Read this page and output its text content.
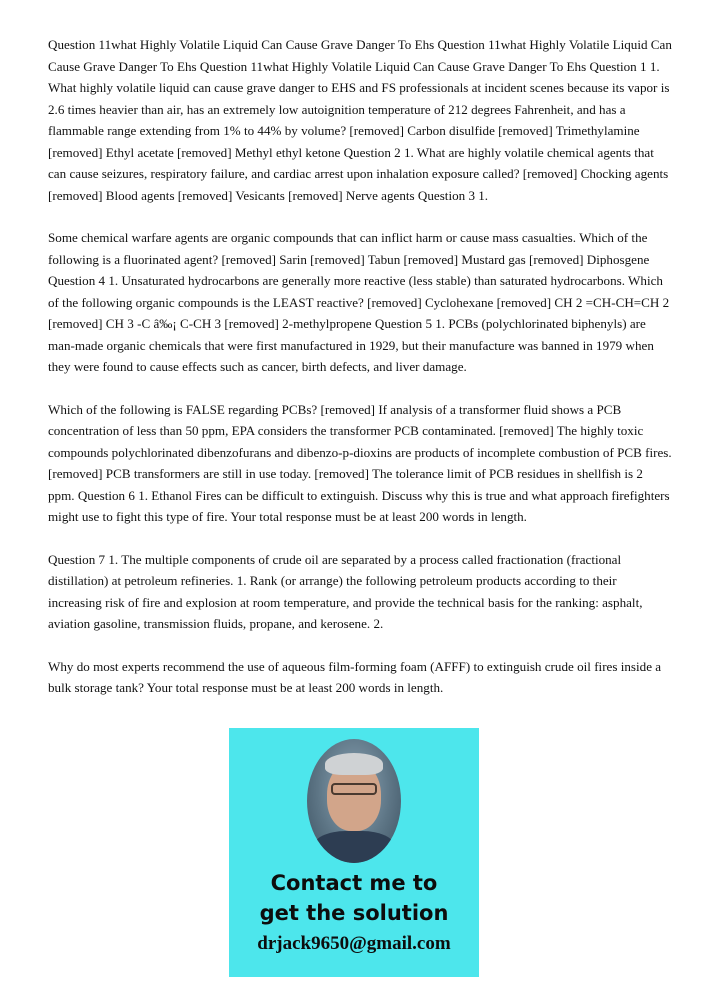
Question 11what Highly Volatile Liquid Can Cause Grave Danger To Ehs Question 11what Highly Volatile Liquid Can Cause Grave Danger To Ehs Question 11what Highly Volatile Liquid Can Cause Grave Danger To Ehs Question 1 1. What highly volatile liquid can cause grave danger to EHS and FS professionals at incident scenes because its vapor is 2.6 times heavier than air, has an extremely low autoignition temperature of 212 degrees Fahrenheit, and has a flammable range extending from 1% to 44% by volume? [removed] Carbon disulfide [removed] Trimethylamine [removed] Ethyl acetate [removed] Methyl ethyl ketone Question 2 1. What are highly volatile chemical agents that can cause seizures, respiratory failure, and cardiac arrest upon inhalation exposure called? [removed] Chocking agents [removed] Blood agents [removed] Vesicants [removed] Nerve agents Question 3 1.

Some chemical warfare agents are organic compounds that can inflict harm or cause mass casualties. Which of the following is a fluorinated agent? [removed] Sarin [removed] Tabun [removed] Mustard gas [removed] Diphosgene Question 4 1. Unsaturated hydrocarbons are generally more reactive (less stable) than saturated hydrocarbons. Which of the following organic compounds is the LEAST reactive? [removed] Cyclohexane [removed] CH 2 =CH-CH=CH 2 [removed] CH 3 -C â‰¡ C-CH 3 [removed] 2-methylpropene Question 5 1. PCBs (polychlorinated biphenyls) are man-made organic chemicals that were first manufactured in 1929, but their manufacture was banned in 1979 when they were found to cause effects such as cancer, birth defects, and liver damage.

Which of the following is FALSE regarding PCBs? [removed] If analysis of a transformer fluid shows a PCB concentration of less than 50 ppm, EPA considers the transformer PCB contaminated. [removed] The highly toxic compounds polychlorinated dibenzofurans and dibenzo-p-dioxins are products of incomplete combustion of PCB fires. [removed] PCB transformers are still in use today. [removed] The tolerance limit of PCB residues in shellfish is 2 ppm. Question 6 1. Ethanol Fires can be difficult to extinguish. Discuss why this is true and what approach firefighters might use to fight this type of fire. Your total response must be at least 200 words in length.

Question 7 1. The multiple components of crude oil are separated by a process called fractionation (fractional distillation) at petroleum refineries. 1. Rank (or arrange) the following petroleum products according to their increasing risk of fire and explosion at room temperature, and provide the technical basis for the ranking: asphalt, aviation gasoline, transmission fluids, propane, and kerosene. 2.

Why do most experts recommend the use of aqueous film-forming foam (AFFF) to extinguish crude oil fires inside a bulk storage tank? Your total response must be at least 200 words in length.

Contact me to
get the solution
drjack9650@gmail.com
